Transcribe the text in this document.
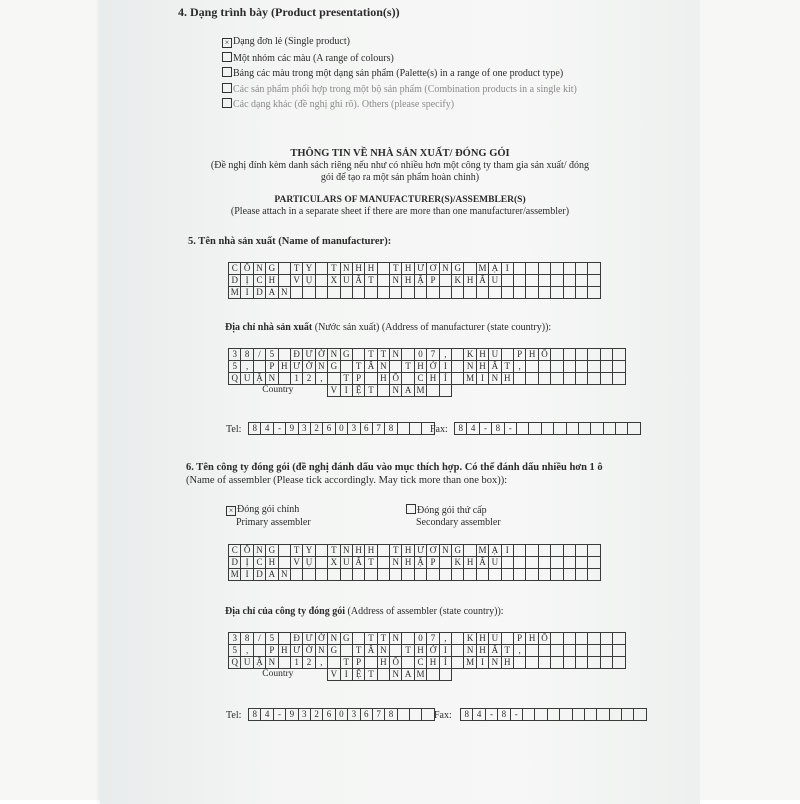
4. Dạng trình bày (Product presentation(s))
× Dạng đơn lẻ (Single product)
Một nhóm các màu (A range of colours)
Bảng các màu trong một dạng sản phẩm (Palette(s) in a range of one product type)
Các sản phẩm phối hợp trong một bộ sản phẩm (Combination products in a single kit)
Các dạng khác (đề nghị ghi rõ). Others (please specify)
THÔNG TIN VỀ NHÀ SẢN XUẤT/ ĐÓNG GÓI
(Đề nghị đính kèm danh sách riêng nếu như có nhiều hơn một công ty tham gia sản xuất/ đóng
gói để tạo ra một sản phẩm hoàn chỉnh)
PARTICULARS OF MANUFACTURER(S)/ASSEMBLER(S)
(Please attach in a separate sheet if there are more than one manufacturer/assembler)
5. Tên nhà sản xuất (Name of manufacturer):
C	Ô	N	G		T	Y		T	N	H	H		T	H	Ư	Ơ	N	G		M	Ạ	I							
D	Ị	C	H		V	Ụ		X	U	Ấ	T		N	H	Ậ	P		K	H	Ẩ	U								
M	I	D	A	N																									
Địa chỉ nhà sản xuất (Nước sản xuất) (Address of manufacturer (state country)):
3	8	/	5		Đ	Ư	Ờ	N	G		T	T	N		0	7	,		K	H	U		P	H	Ố						
5	,		P	H	Ư	Ờ	N	G		T	Â	N		T	H	Ớ	I		N	H	Ấ	T	,								
Q	U	Ậ	N		1	2	,		T	P		H	Ồ		C	H	Í		M	I	N	H									
Country								V	I	Ệ	T		N	A	M																
Tel: 8	4	-	9	3	2	6	0	3	6	7	8				Fax: 8	4	-	8	-										
6. Tên công ty đóng gói (đề nghị đánh dấu vào mục thích hợp. Có thể đánh dấu nhiều hơn 1 ô
(Name of assembler (Please tick accordingly. May tick more than one box)):
× Đóng gói chính
Primary assembler
Đóng gói thứ cấp
Secondary assembler
C	Ô	N	G		T	Y		T	N	H	H		T	H	Ư	Ơ	N	G		M	Ạ	I							
D	Ị	C	H		V	Ụ		X	U	Ấ	T		N	H	Ậ	P		K	H	Ẩ	U								
M	I	D	A	N																									
Địa chỉ của công ty đóng gói (Address of assembler (state country)):
3	8	/	5		Đ	Ư	Ờ	N	G		T	T	N		0	7	,		K	H	U		P	H	Ố						
5	,		P	H	Ư	Ờ	N	G		T	Â	N		T	H	Ớ	I		N	H	Ấ	T	,								
Q	U	Ậ	N		1	2	,		T	P		H	Ồ		C	H	Í		M	I	N	H									
Country								V	I	Ệ	T		N	A	M																
Tel: 8	4	-	9	3	2	6	0	3	6	7	8				Fax: 8	4	-	8	-										
